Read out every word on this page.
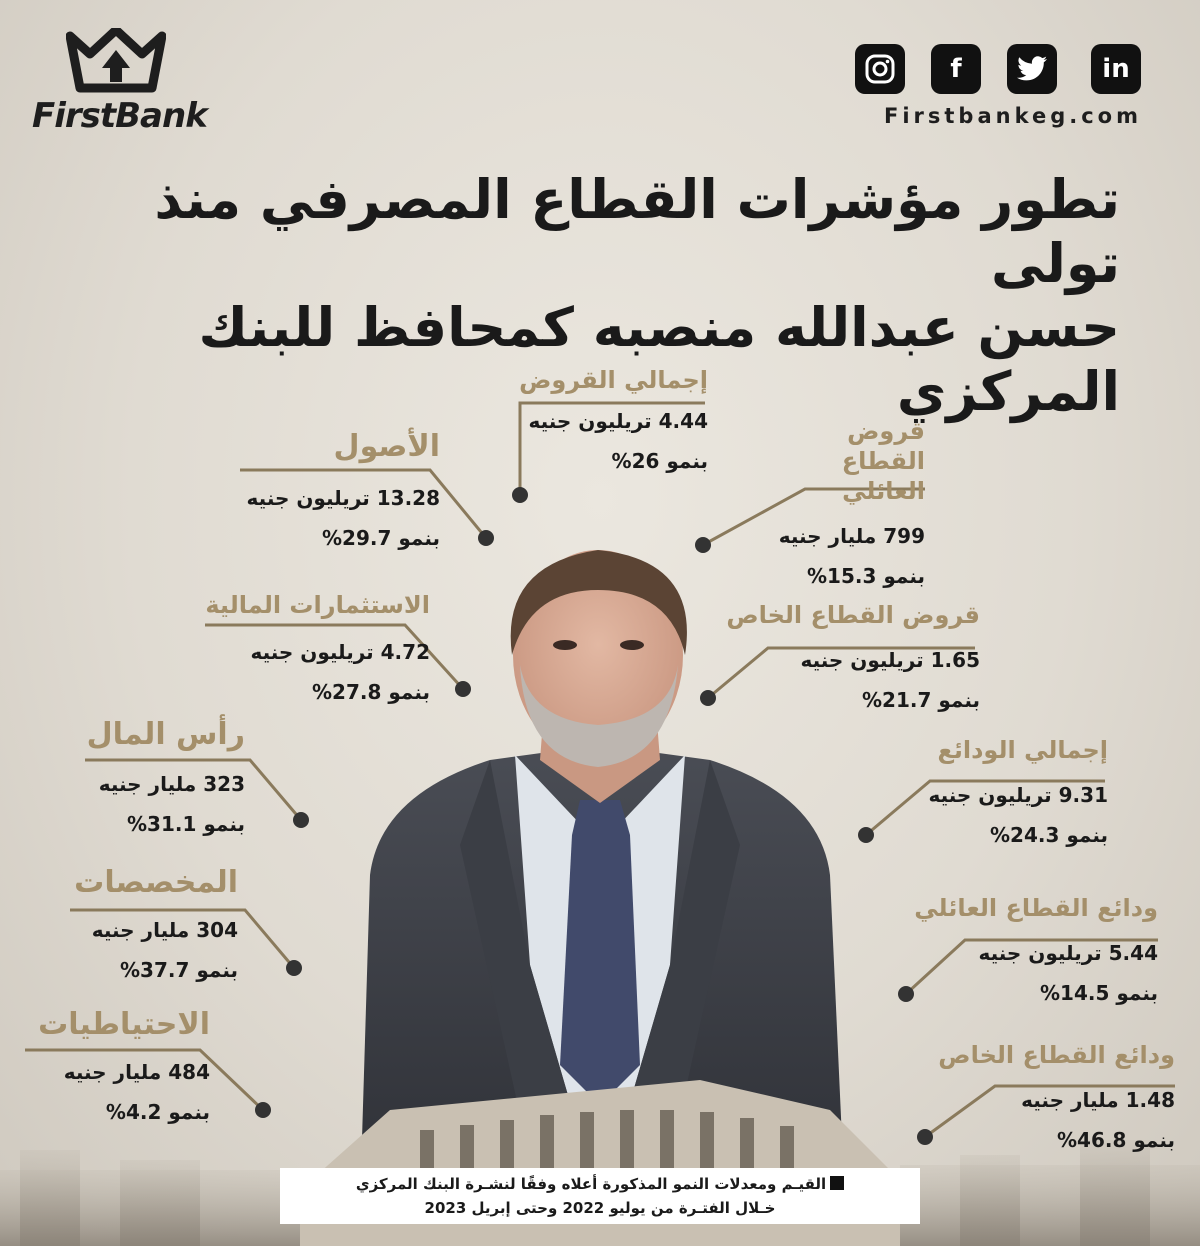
FirstBank
f	in
Firstbankeg.com
تطور مؤشرات القطاع المصرفي منذ تولى
حسن عبدالله منصبه كمحافظ للبنك المركزي
إجمالي القروض
4.44 تريليون جنيه
بنمو 26%
قروض القطاع العائلي
799 مليار جنيه
بنمو 15.3%
قروض القطاع الخاص
1.65 تريليون جنيه
بنمو 21.7%
إجمالي الودائع
9.31 تريليون جنيه
بنمو 24.3%
ودائع القطاع العائلي
5.44 تريليون جنيه
بنمو 14.5%
ودائع القطاع الخاص
1.48 مليار جنيه
بنمو 46.8%
الأصول
13.28 تريليون جنيه
بنمو 29.7%
الاستثمارات المالية
4.72 تريليون جنيه
بنمو 27.8%
رأس المال
323 مليار جنيه
بنمو 31.1%
المخصصات
304 مليار جنيه
بنمو 37.7%
الاحتياطيات
484 مليار جنيه
بنمو 4.2%
القيـم ومعدلات النمو المذكورة أعلاه وفقًا لنشـرة البنك المركزي
خـلال الفتـرة من يوليو 2022 وحتى إبريل 2023
